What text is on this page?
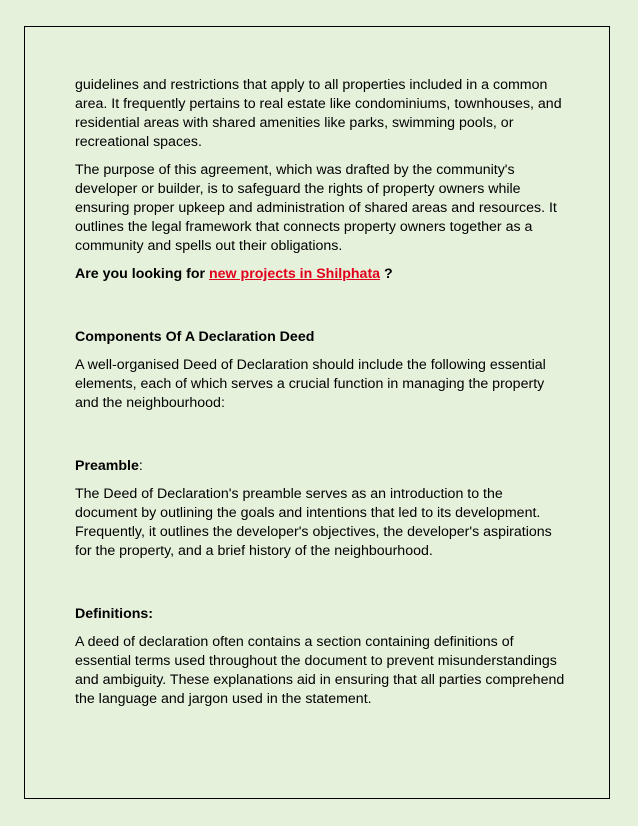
guidelines and restrictions that apply to all properties included in a common area. It frequently pertains to real estate like condominiums, townhouses, and residential areas with shared amenities like parks, swimming pools, or recreational spaces.

The purpose of this agreement, which was drafted by the community's developer or builder, is to safeguard the rights of property owners while ensuring proper upkeep and administration of shared areas and resources. It outlines the legal framework that connects property owners together as a community and spells out their obligations.

Are you looking for new projects in Shilphata ?

Components Of A Declaration Deed

A well-organised Deed of Declaration should include the following essential elements, each of which serves a crucial function in managing the property and the neighbourhood:

Preamble:

The Deed of Declaration's preamble serves as an introduction to the document by outlining the goals and intentions that led to its development. Frequently, it outlines the developer's objectives, the developer's aspirations for the property, and a brief history of the neighbourhood.

Definitions:

A deed of declaration often contains a section containing definitions of essential terms used throughout the document to prevent misunderstandings and ambiguity. These explanations aid in ensuring that all parties comprehend the language and jargon used in the statement.
